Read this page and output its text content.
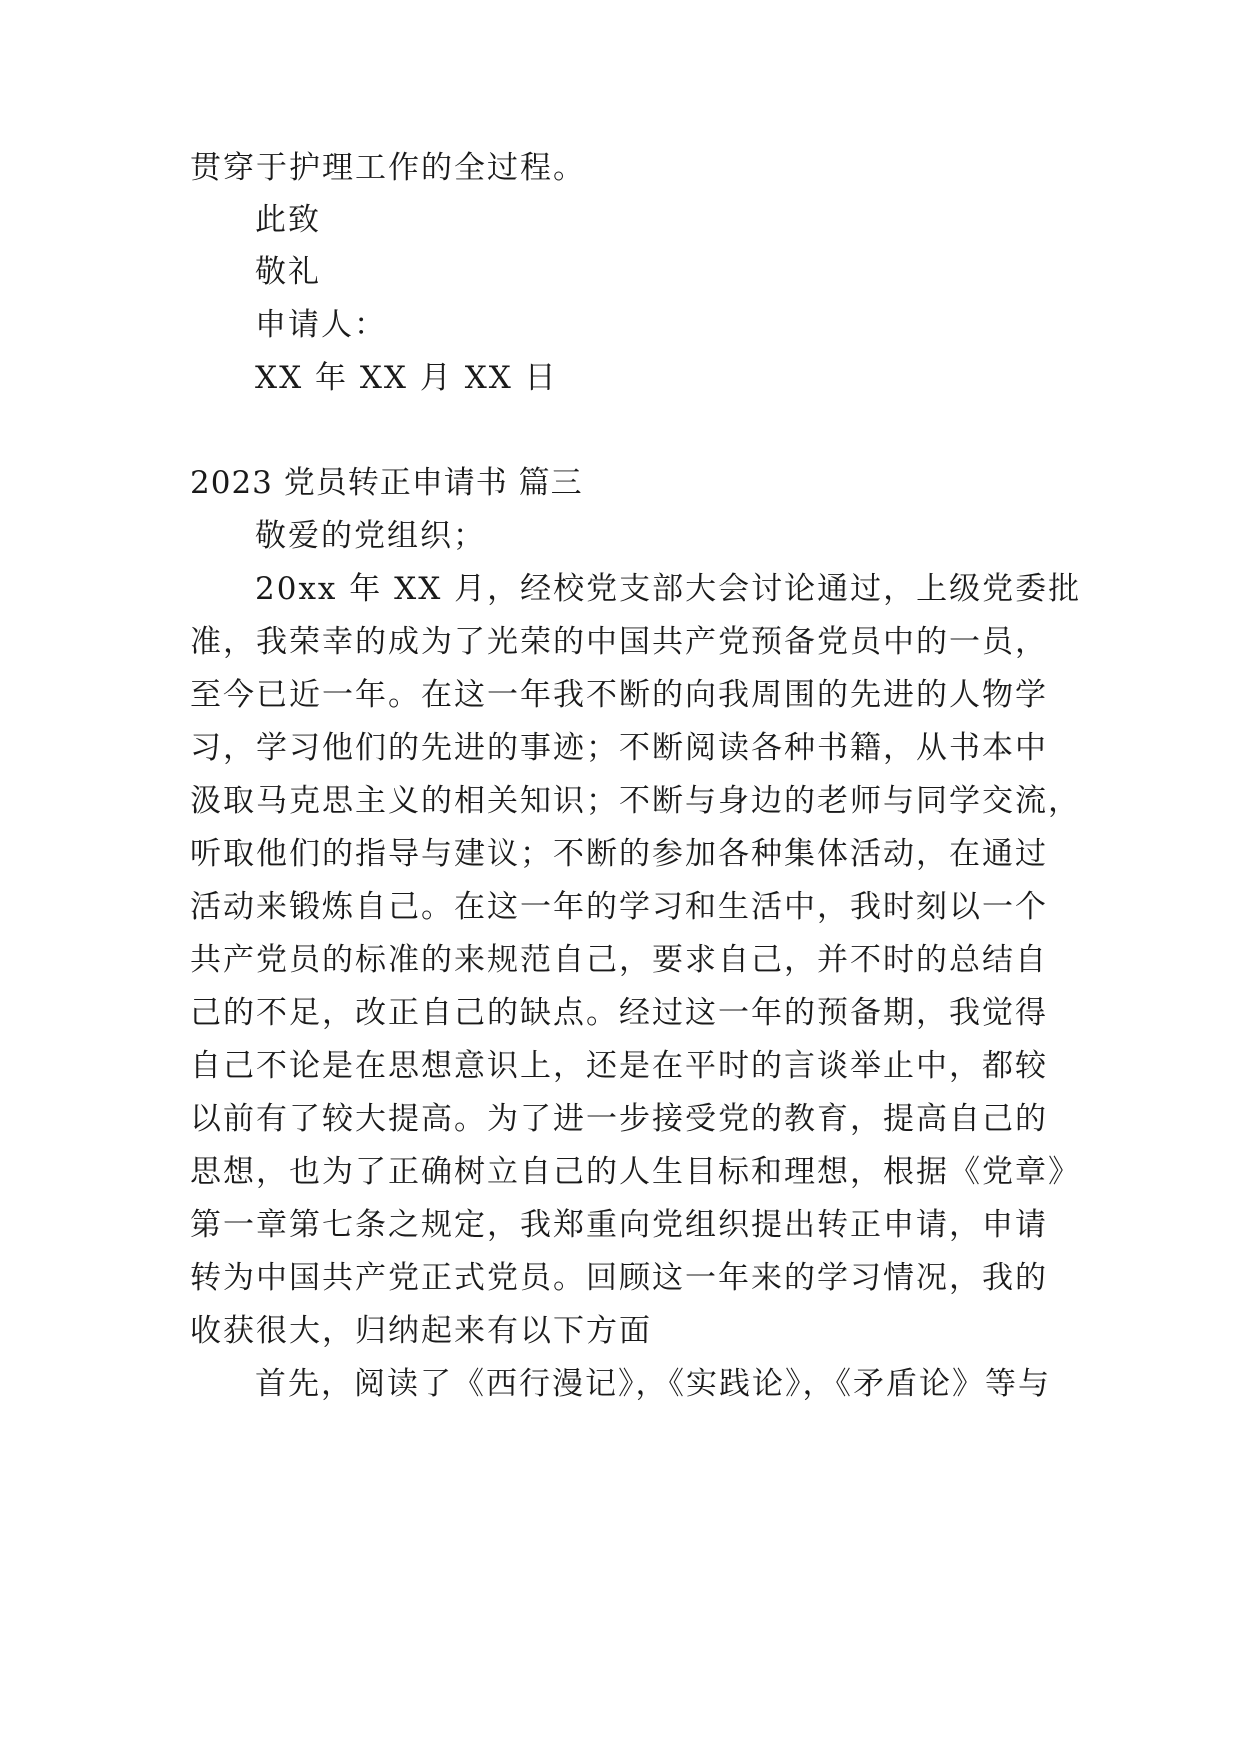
贯穿于护理工作的全过程。
此致
敬礼
申请人：
XX 年 XX 月 XX 日
2023 党员转正申请书 篇三
敬爱的党组织；
20xx 年 XX 月，经校党支部大会讨论通过，上级党委批
准，我荣幸的成为了光荣的中国共产党预备党员中的一员，
至今已近一年。在这一年我不断的向我周围的先进的人物学
习，学习他们的先进的事迹；不断阅读各种书籍，从书本中
汲取马克思主义的相关知识；不断与身边的老师与同学交流，
听取他们的指导与建议；不断的参加各种集体活动，在通过
活动来锻炼自己。在这一年的学习和生活中，我时刻以一个
共产党员的标准的来规范自己，要求自己，并不时的总结自
己的不足，改正自己的缺点。经过这一年的预备期，我觉得
自己不论是在思想意识上，还是在平时的言谈举止中，都较
以前有了较大提高。为了进一步接受党的教育，提高自己的
思想，也为了正确树立自己的人生目标和理想，根据《党章》
第一章第七条之规定，我郑重向党组织提出转正申请，申请
转为中国共产党正式党员。回顾这一年来的学习情况，我的
收获很大，归纳起来有以下方面
首先，阅读了《西行漫记》，《实践论》，《矛盾论》等与
